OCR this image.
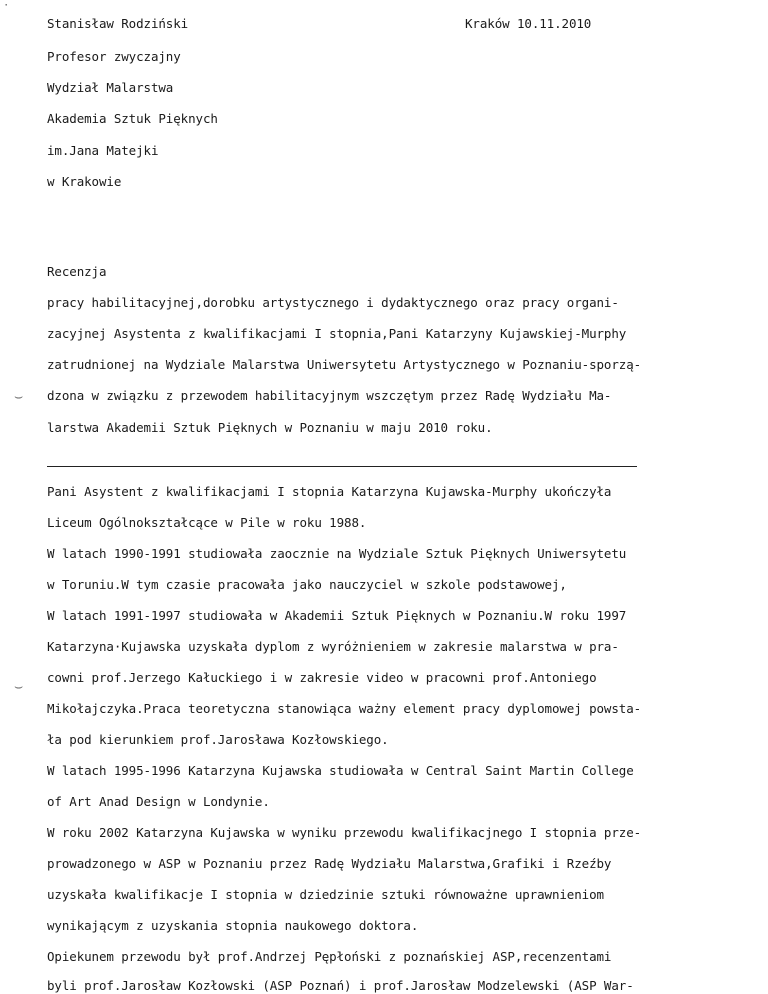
Stanisław Rodziński	Kraków 10.11.2010
Profesor zwyczajny
Wydział Malarstwa
Akademia Sztuk Pięknych
im.Jana Matejki
w Krakowie
Recenzja
pracy habilitacyjnej,dorobku artystycznego i dydaktycznego oraz pracy organi-
zacyjnej Asystenta z kwalifikacjami I stopnia,Pani Katarzyny Kujawskiej-Murphy
zatrudnionej na Wydziale Malarstwa Uniwersytetu Artystycznego w Poznaniu-sporzą-
dzona w związku z przewodem habilitacyjnym wszczętym przez Radę Wydziału Ma-
larstwa Akademii Sztuk Pięknych w Poznaniu w maju 2010 roku.
Pani Asystent z kwalifikacjami I stopnia Katarzyna Kujawska-Murphy ukończyła
Liceum Ogólnokształcące w Pile w roku 1988.
W latach 1990-1991 studiowała zaocznie na Wydziale Sztuk Pięknych Uniwersytetu
w Toruniu.W tym czasie pracowała jako nauczyciel w szkole podstawowej,
W latach 1991-1997 studiowała w Akademii Sztuk Pięknych w Poznaniu.W roku 1997
Katarzyna·Kujawska uzyskała dyplom z wyróżnieniem w zakresie malarstwa w pra-
cowni prof.Jerzego Kałuckiego i w zakresie video w pracowni prof.Antoniego
Mikołajczyka.Praca teoretyczna stanowiąca ważny element pracy dyplomowej powsta-
ła pod kierunkiem prof.Jarosława Kozłowskiego.
W latach 1995-1996 Katarzyna Kujawska studiowała w Central Saint Martin College
of Art Anad Design w Londynie.
W roku 2002 Katarzyna Kujawska w wyniku przewodu kwalifikacjnego I stopnia prze-
prowadzonego w ASP w Poznaniu przez Radę Wydziału Malarstwa,Grafiki i Rzeźby
uzyskała kwalifikacje I stopnia w dziedzinie sztuki równoważne uprawnieniom
wynikającym z uzyskania stopnia naukowego doktora.
Opiekunem przewodu był prof.Andrzej Pępłoński z poznańskiej ASP,recenzentami
byli prof.Jarosław Kozłowski (ASP Poznań) i prof.Jarosław Modzelewski (ASP War-
˙
⌣
⌣
